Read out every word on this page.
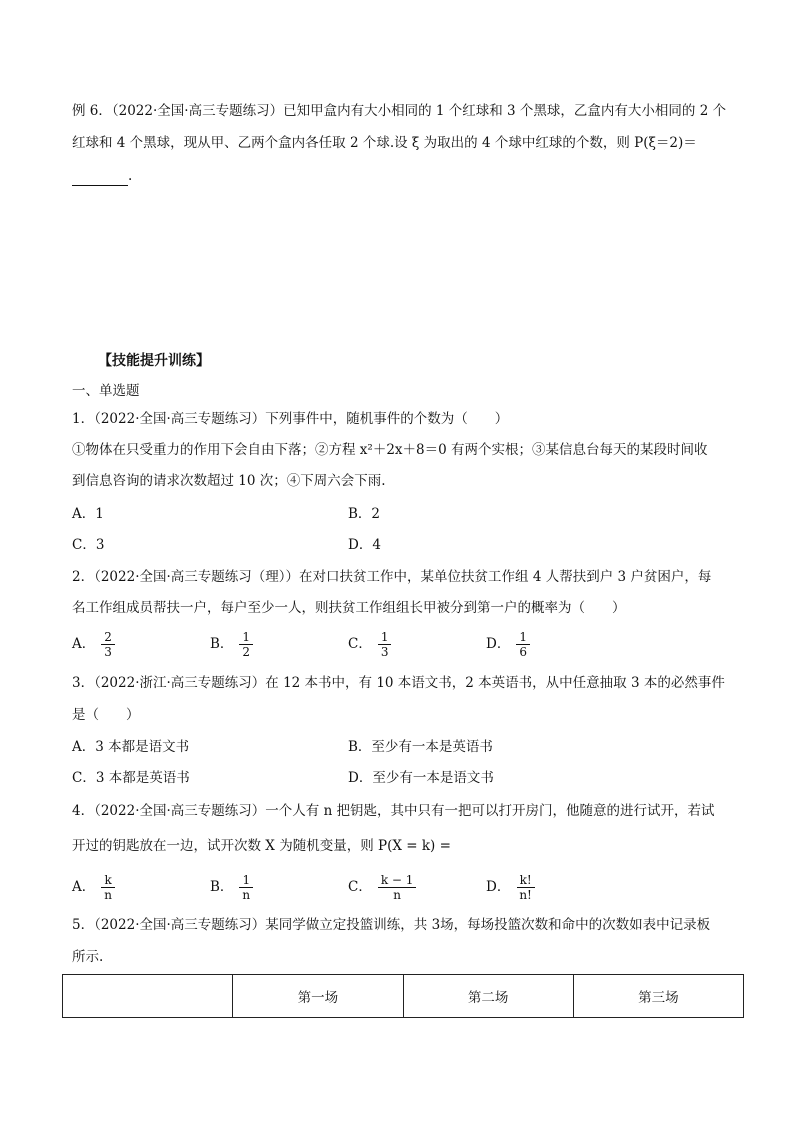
例 6．（2022·全国·高三专题练习）已知甲盒内有大小相同的 1 个红球和 3 个黑球，乙盒内有大小相同的 2 个
红球和 4 个黑球，现从甲、乙两个盒内各任取 2 个球.设 ξ 为取出的 4 个球中红球的个数，则 P(ξ＝2)＝
.
【技能提升训练】
一、单选题
1．（2022·全国·高三专题练习）下列事件中，随机事件的个数为（　　）
①物体在只受重力的作用下会自由下落；②方程 x²＋2x＋8＝0 有两个实根；③某信息台每天的某段时间收
到信息咨询的请求次数超过 10 次；④下周六会下雨.
A．1	B．2
C．3	D．4
2．（2022·全国·高三专题练习（理））在对口扶贫工作中，某单位扶贫工作组 4 人帮扶到户 3 户贫困户，每
名工作组成员帮扶一户，每户至少一人，则扶贫工作组组长甲被分到第一户的概率为（　　）
A． $\frac{2}{3}$	B． $\frac{1}{2}$	C． $\frac{1}{3}$	D． $\frac{1}{6}$
3．（2022·浙江·高三专题练习）在 12 本书中，有 10 本语文书，2 本英语书，从中任意抽取 3 本的必然事件
是（　　）
A．3 本都是语文书	B．至少有一本是英语书
C．3 本都是英语书	D．至少有一本是语文书
4．（2022·全国·高三专题练习）一个人有 n 把钥匙，其中只有一把可以打开房门，他随意的进行试开，若试
开过的钥匙放在一边，试开次数 X 为随机变量，则 P(X = k) =
A． $\frac{k}{n}$	B． $\frac{1}{n}$	C． $\frac{k - 1}{n}$	D． $\frac{k!}{n!}$
5．（2022·全国·高三专题练习）某同学做立定投篮训练，共 3场，每场投篮次数和命中的次数如表中记录板
所示.
	第一场	第二场	第三场
